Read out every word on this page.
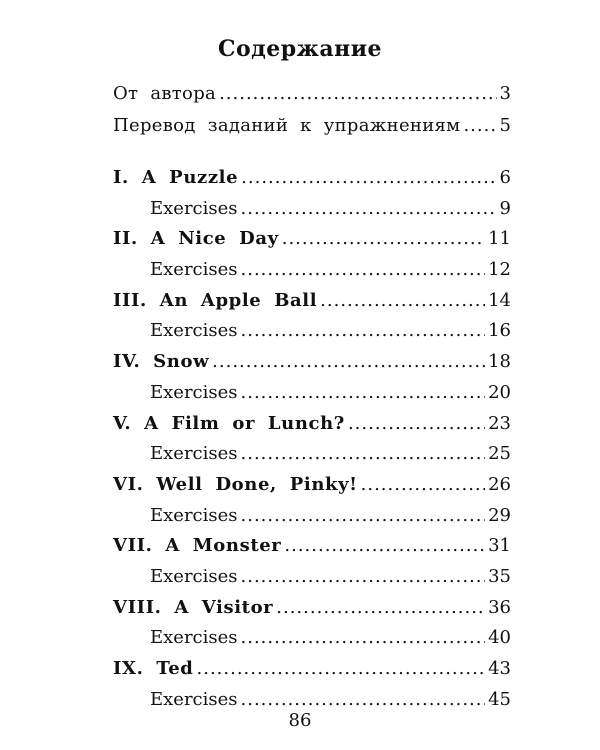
Содержание
От автора .....	3
Перевод заданий к упражнениям ..... 5
I. A Puzzle .....	6
Exercises .....	9
II. A Nice Day .....	11
Exercises .....	12
III. An Apple Ball .....	14
Exercises .....	16
IV. Snow .....	18
Exercises .....	20
V. A Film or Lunch? .....	23
Exercises .....	25
VI. Well Done, Pinky! .....	26
Exercises .....	29
VII. A Monster .....	31
Exercises .....	35
VIII. A Visitor .....	36
Exercises .....	40
IX. Ted .....	43
Exercises .....	45
86
